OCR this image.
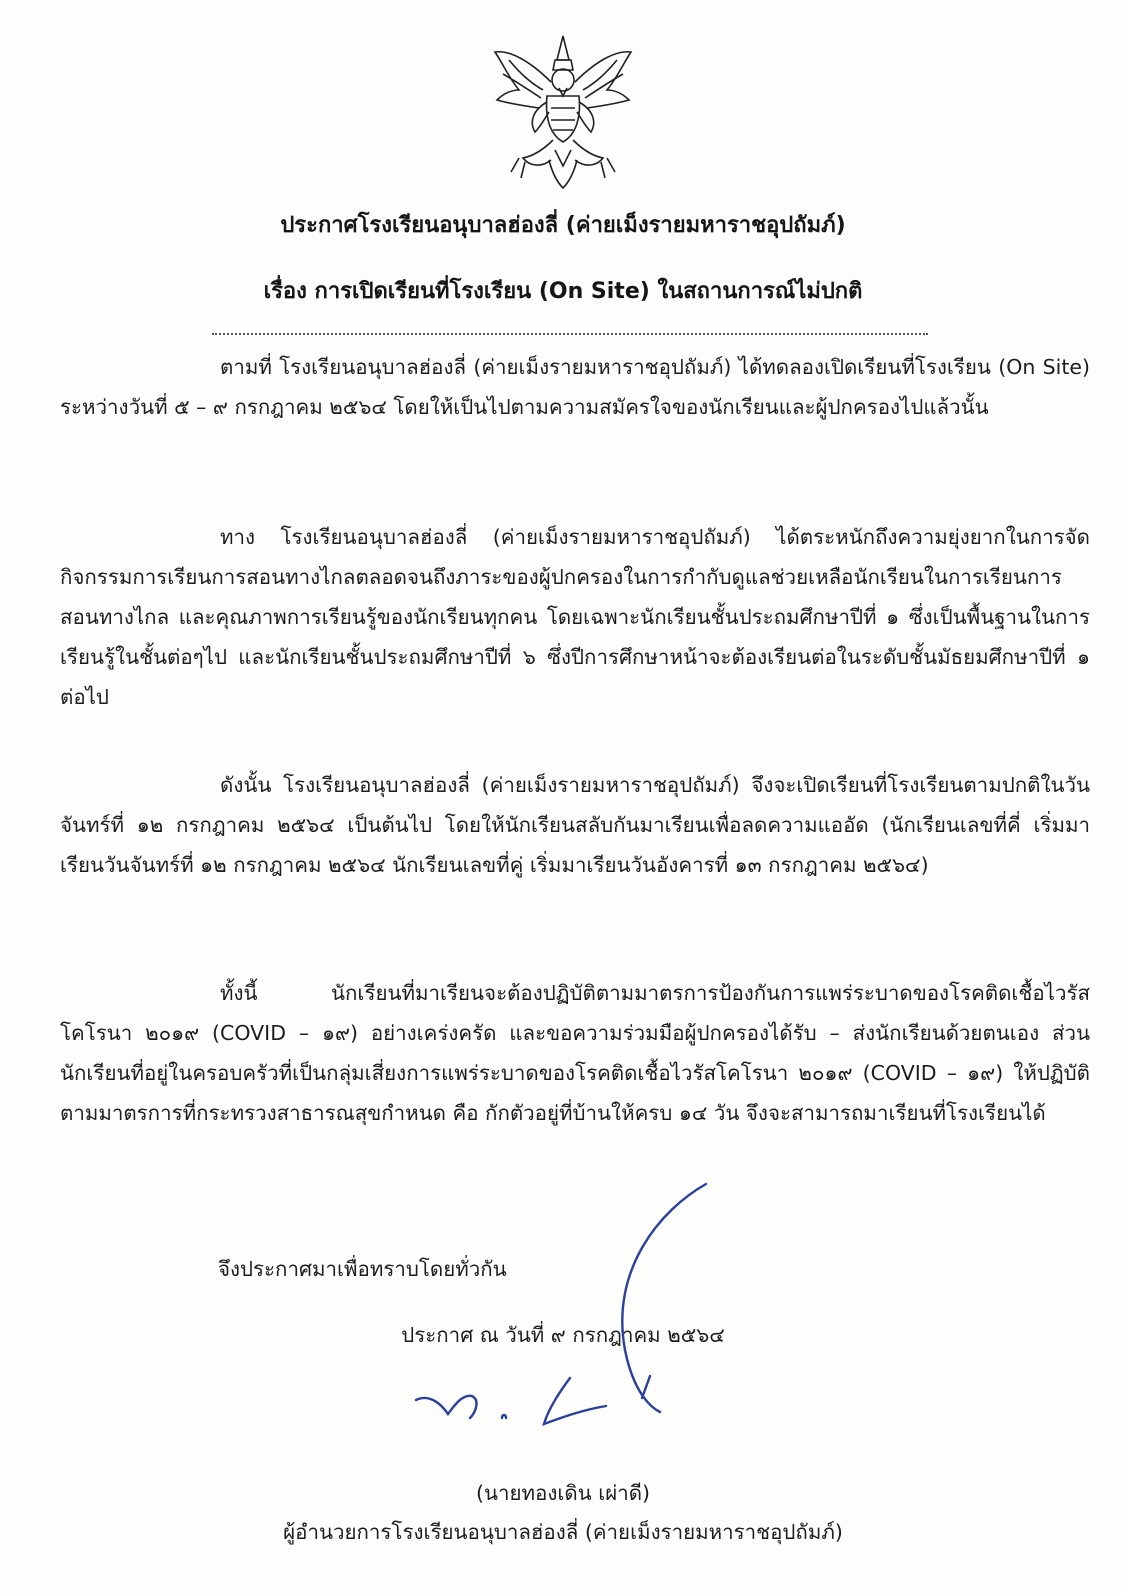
ประกาศโรงเรียนอนุบาลฮ่องลี่ (ค่ายเม็งรายมหาราชอุปถัมภ์)
เรื่อง การเปิดเรียนที่โรงเรียน (On Site) ในสถานการณ์ไม่ปกติ

ตามที่ โรงเรียนอนุบาลฮ่องลี่ (ค่ายเม็งรายมหาราชอุปถัมภ์) ได้ทดลองเปิดเรียนที่โรงเรียน (On Site) ระหว่างวันที่ ๕ – ๙ กรกฎาคม ๒๕๖๔ โดยให้เป็นไปตามความสมัครใจของนักเรียนและผู้ปกครองไปแล้วนั้น

ทาง โรงเรียนอนุบาลฮ่องลี่ (ค่ายเม็งรายมหาราชอุปถัมภ์) ได้ตระหนักถึงความยุ่งยากในการจัดกิจกรรมการเรียนการสอนทางไกลตลอดจนถึงภาระของผู้ปกครองในการกำกับดูแลช่วยเหลือนักเรียนในการเรียนการสอนทางไกล และคุณภาพการเรียนรู้ของนักเรียนทุกคน โดยเฉพาะนักเรียนชั้นประถมศึกษาปีที่ ๑ ซึ่งเป็นพื้นฐานในการเรียนรู้ในชั้นต่อๆไป และนักเรียนชั้นประถมศึกษาปีที่ ๖ ซึ่งปีการศึกษาหน้าจะต้องเรียนต่อในระดับชั้นมัธยมศึกษาปีที่ ๑ ต่อไป

ดังนั้น โรงเรียนอนุบาลฮ่องลี่ (ค่ายเม็งรายมหาราชอุปถัมภ์) จึงจะเปิดเรียนที่โรงเรียนตามปกติในวันจันทร์ที่ ๑๒ กรกฎาคม ๒๕๖๔ เป็นต้นไป โดยให้นักเรียนสลับกันมาเรียนเพื่อลดความแออัด (นักเรียนเลขที่คี่ เริ่มมาเรียนวันจันทร์ที่ ๑๒ กรกฎาคม ๒๕๖๔ นักเรียนเลขที่คู่ เริ่มมาเรียนวันอังคารที่ ๑๓ กรกฎาคม ๒๕๖๔)

ทั้งนี้ นักเรียนที่มาเรียนจะต้องปฏิบัติตามมาตรการป้องกันการแพร่ระบาดของโรคติดเชื้อไวรัสโคโรนา ๒๐๑๙ (COVID – ๑๙) อย่างเคร่งครัด และขอความร่วมมือผู้ปกครองได้รับ – ส่งนักเรียนด้วยตนเอง ส่วนนักเรียนที่อยู่ในครอบครัวที่เป็นกลุ่มเสี่ยงการแพร่ระบาดของโรคติดเชื้อไวรัสโคโรนา ๒๐๑๙ (COVID – ๑๙) ให้ปฏิบัติตามมาตรการที่กระทรวงสาธารณสุขกำหนด คือ กักตัวอยู่ที่บ้านให้ครบ ๑๔ วัน จึงจะสามารถมาเรียนที่โรงเรียนได้

จึงประกาศมาเพื่อทราบโดยทั่วกัน
ประกาศ ณ วันที่ ๙ กรกฎาคม ๒๕๖๔
(นายทองเดิน เผ่าดี)
ผู้อำนวยการโรงเรียนอนุบาลฮ่องลี่ (ค่ายเม็งรายมหาราชอุปถัมภ์)
